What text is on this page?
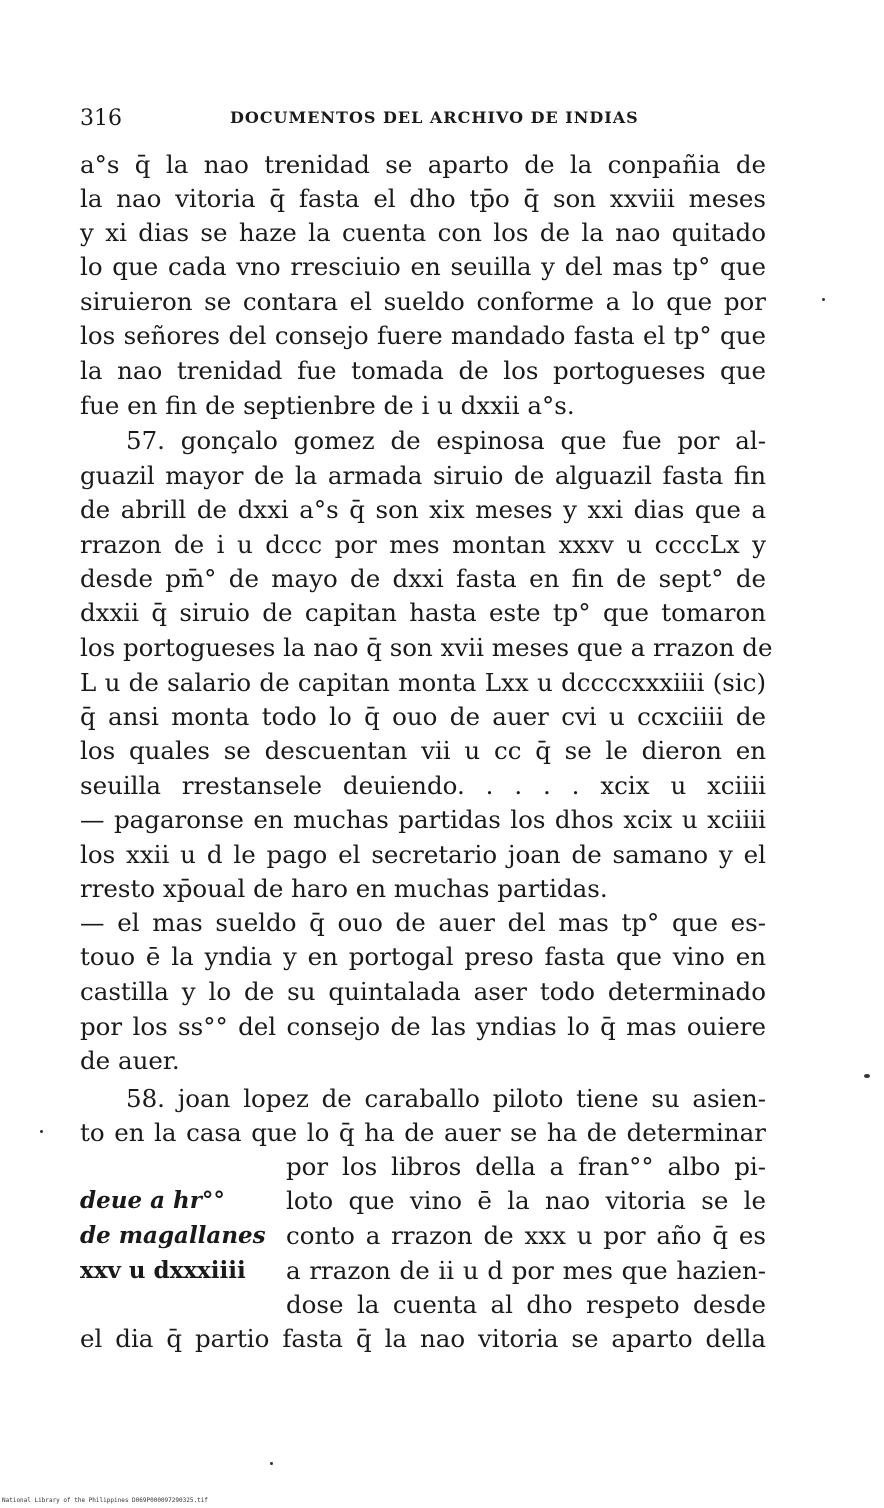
316	DOCUMENTOS DEL ARCHIVO DE INDIAS
a°s q̄ la nao trenidad se aparto de la conpañia de
la nao vitoria q̄ fasta el dho tp̄o q̄ son xxviii meses
y xi dias se haze la cuenta con los de la nao quitado
lo que cada vno rresciuio en seuilla y del mas tp° que
siruieron se contara el sueldo conforme a lo que por
los señores del consejo fuere mandado fasta el tp° que
la nao trenidad fue tomada de los portogueses que
fue en fin de septienbre de i u dxxii a°s.
57. gonçalo gomez de espinosa que fue por al-
guazil mayor de la armada siruio de alguazil fasta fin
de abrill de dxxi a°s q̄ son xix meses y xxi dias que a
rrazon de i u dccc por mes montan xxxv u ccccLx y
desde pm̄° de mayo de dxxi fasta en fin de sept° de
dxxii q̄ siruio de capitan hasta este tp° que tomaron
los portogueses la nao q̄ son xvii meses que a rrazon de
L u de salario de capitan monta Lxx u dccccxxxiiii (sic)
q̄ ansi monta todo lo q̄ ouo de auer cvi u ccxciiii de
los quales se descuentan vii u cc q̄ se le dieron en
seuilla rrestansele deuiendo. . . . . xcix u xciiii
— pagaronse en muchas partidas los dhos xcix u xciiii
los xxii u d le pago el secretario joan de samano y el
rresto xp̄oual de haro en muchas partidas.
— el mas sueldo q̄ ouo de auer del mas tp° que es-
touo ē la yndia y en portogal preso fasta que vino en
castilla y lo de su quintalada aser todo determinado
por los ss°° del consejo de las yndias lo q̄ mas ouiere
de auer.
58. joan lopez de caraballo piloto tiene su asien-
to en la casa que lo q̄ ha de auer se ha de determinar
por los libros della a fran°° albo pi-
loto que vino ē la nao vitoria se le
conto a rrazon de xxx u por año q̄ es
a rrazon de ii u d por mes que hazien-
dose la cuenta al dho respeto desde
el dia q̄ partio fasta q̄ la nao vitoria se aparto della
deue a hr°°
de magallanes
xxv u dxxxiiii
National Library of the Philippines D069P000097290325.tif
